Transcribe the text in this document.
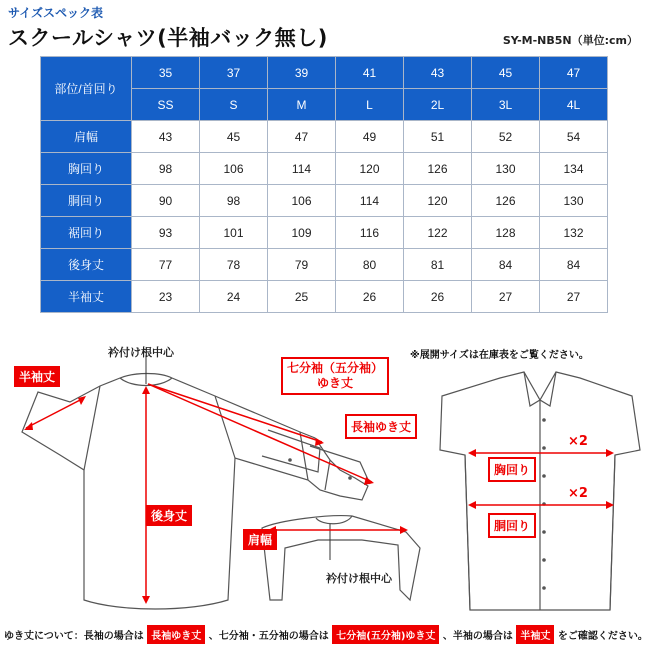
サイズスペック表
スクールシャツ(半袖バック無し)	SY-M-NB5N（単位:cm）
部位/首回り	35	37	39	41	43	45	47
	SS	S	M	L	2L	3L	4L
肩幅	43	45	47	49	51	52	54
胸回り	98	106	114	120	126	130	134
胴回り	90	98	106	114	120	126	130
裾回り	93	101	109	116	122	128	132
後身丈	77	78	79	80	81	84	84
半袖丈	23	24	25	26	26	27	27
衿付け根中心
衿付け根中心
※展開サイズは在庫表をご覧ください。
半袖丈
七分袖（五分袖）
ゆき丈
長袖ゆき丈
後身丈
肩幅
胸回り
胴回り
×2
×2
ゆき丈について：長袖の場合は 長袖ゆき丈 、七分袖・五分袖の場合は 七分袖(五分袖)ゆき丈 、半袖の場合は 半袖丈 をご確認ください。
